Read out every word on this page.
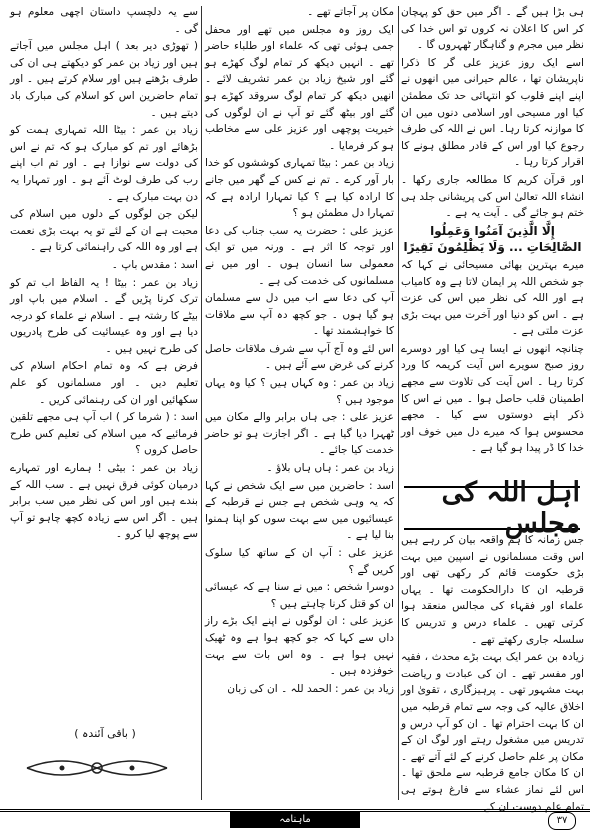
ہی بڑا ہیں گے ۔ اگر میں حق کو پہچان کر اس کا اعلان نہ کروں تو اس خدا کی نظر میں مجرم و گناہگار ٹھہروں گا ۔

اسے ایک روز عزیز علی گر کا ذکرا ناپریشان تھا ، عالم حیرانی میں انھوں نے اپنے اپنے قلوب کو انتہائی حد تک مطمئن کیا اور مسیحی اور اسلامی دنوں میں ان کا موازنہ کرتا رہا۔ اس نے اللہ کی طرف رجوع کیا اور اس کے قادر مطلق ہونے کا اقرار کرتا رہا ۔

اور قرآن کریم کا مطالعہ جاری رکھا ۔ انشاء اللہ تعالیٰ اس کی پریشانی جلد ہی ختم ہو جائے گی ۔ آیت یہ ہے ۔

إِلَّا الَّذِينَ آمَنُوا وَعَمِلُوا الصَّالِحَاتِ ... وَلَا يَظْلِمُونَ نَقِيرًا

میرے بہترین بھائی مسیحائی نے کہا کہ جو شخص اللہ پر ایمان لاتا ہے وہ کامیاب ہے اور اللہ کی نظر میں اس کی عزت ہے ۔ اس کو دنیا اور آخرت میں بہت بڑی عزت ملتی ہے ۔

چنانچہ انھوں نے ایسا ہی کیا اور دوسرے روز صبح سویرے اس آیت کریمہ کا ورد کرتا رہا ۔ اس آیت کی تلاوت سے مجھے اطمینان قلب حاصل ہوا ۔ میں نے اس کا ذکر اپنے دوستوں سے کیا ۔ مجھے محسوس ہوا کہ میرے دل میں خوف اور خدا کا ڈر پیدا ہو گیا ہے ۔

اہل اللہ کی مجلس

جس زمانہ کا ہم واقعہ بیان کر رہے ہیں اس وقت مسلمانوں نے اسپین میں بہت بڑی حکومت قائم کر رکھی تھی اور قرطبہ ان کا دارالحکومت تھا ۔ یہاں علماء اور فقہاء کی مجالس منعقد ہوا کرتی تھیں ۔ علماء درس و تدریس کا سلسلہ جاری رکھتے تھے ۔

زیادہ بن عمر ایک بہت بڑے محدث ، فقیہ اور مفسر تھے ۔ ان کی عبادت و ریاضت بہت مشہور تھی ۔ پرہیزگاری ، تقویٰ اور اخلاق عالیہ کی وجہ سے تمام قرطبہ میں ان کا بہت احترام تھا ۔ ان کو آپ درس و تدریس میں مشغول رہتے اور لوگ ان کے مکان پر علم حاصل کرنے کے لئے آتے تھے ۔ ان کا مکان جامع قرطبہ سے ملحق تھا ۔ اس لئے نماز عشاء سے فارغ ہوتے ہی تمام علم دوست ان کے

مکان پر آجاتے تھے ۔

ایک روز وہ مجلس میں تھے اور محفل جمی ہوئی تھی کہ علماء اور طلباء حاضر تھے ۔ انہیں دیکھ کر تمام لوگ کھڑے ہو گئے اور شیخ زیاد بن عمر تشریف لائے ۔ انھیں دیکھ کر تمام لوگ سروقد کھڑے ہو گئے اور بیٹھ گئے تو آپ نے ان لوگوں کی خیریت پوچھی اور عزیز علی سے مخاطب ہو کر فرمایا ۔

زیاد بن عمر : بیٹا تمہاری کوششوں کو خدا بار آور کرے ۔ تم نے کس کے گھر میں جانے کا ارادہ کیا ہے ؟ کیا تمہارا ارادہ ہے کہ تمہارا دل مطمئن ہو ؟

عزیز علی : حضرت یہ سب جناب کی دعا اور توجہ کا اثر ہے ۔ ورنہ میں تو ایک معمولی سا انسان ہوں ۔ اور میں نے مسلمانوں کی خدمت کی ہے ۔

آپ کی دعا سے اب میں دل سے مسلمان ہو گیا ہوں ۔ جو کچھ دہ آپ سے ملاقات کا خواہشمند تھا ۔

اس لئے وہ آج آپ سے شرف ملاقات حاصل کرنے کی غرض سے آئے ہیں ۔

زیاد بن عمر : وہ کہاں ہیں ؟ کیا وہ یہاں موجود ہیں ؟

عزیز علی : جی ہاں برابر والے مکان میں ٹھہرا دیا گیا ہے ۔ اگر اجازت ہو تو حاضر خدمت کیا جائے ۔

زیاد بن عمر : ہاں ہاں بلاؤ ۔

اسد : حاضرین میں سے ایک شخص نے کہا کہ یہ وہی شخص ہے جس نے قرطبہ کے عیسائیوں میں سے بہت سوں کو اپنا ہمنوا بنا لیا ہے ۔

عزیز علی : آپ ان کے ساتھ کیا سلوک کریں گے ؟

دوسرا شخص : میں نے سنا ہے کہ عیسائی ان کو قتل کرنا چاہتے ہیں ؟

عزیز علی : ان لوگوں نے اپنے ایک بڑے راز داں سے کہا کہ جو کچھ ہوا ہے وہ ٹھیک نہیں ہوا ہے ۔ وہ اس بات سے بہت خوفزدہ ہیں ۔

زیاد بن عمر : الحمد للہ ۔ ان کی زبان

سے یہ دلچسپ داستان اچھی معلوم ہو گی ۔

( تھوڑی دیر بعد ) اہل مجلس میں آجاتے ہیں اور زیاد بن عمر کو دیکھتے ہی ان کی طرف بڑھتے ہیں اور سلام کرتے ہیں ۔ اور تمام حاضرین اس کو اسلام کی مبارک باد دیتے ہیں ۔

زیاد بن عمر : بیٹا اللہ تمہاری ہمت کو بڑھائے اور تم کو مبارک ہو کہ تم نے اس کی دولت سے نوازا ہے ۔ اور تم اب اپنے رب کی طرف لوٹ آئے ہو ۔ اور تمہارا یہ دن بہت مبارک ہے ۔

لیکن جن لوگوں کے دلوں میں اسلام کی محبت ہے ان کے لئے تو یہ بہت بڑی نعمت ہے اور وہ اللہ کی راہنمائی کرتا ہے ۔

اسد : مقدس باپ ۔

زیاد بن عمر : بیٹا ! یہ الفاظ اب تم کو ترک کرنا پڑیں گے ۔ اسلام میں باپ اور بیٹے کا رشتہ ہے ۔ اسلام نے علماء کو درجہ دیا ہے اور وہ عیسائیت کی طرح پادریوں کی طرح نہیں ہیں ۔

فرض ہے کہ وہ تمام احکام اسلام کی تعلیم دیں ۔ اور مسلمانوں کو علم سکھائیں اور ان کی رہنمائی کریں ۔

اسد : ( شرما کر ) اب آپ ہی مجھے تلقین فرمائیے کہ میں اسلام کی تعلیم کس طرح حاصل کروں ؟

زیاد بن عمر : بیٹی ! ہمارے اور تمہارے درمیان کوئی فرق نہیں ہے ۔ سب اللہ کے بندے ہیں اور اس کی نظر میں سب برابر ہیں ۔ اگر اس سے زیادہ کچھ چاہو تو آپ سے پوچھ لیا کرو ۔

( باقی آئندہ )
ماہنامہ	۳۷
